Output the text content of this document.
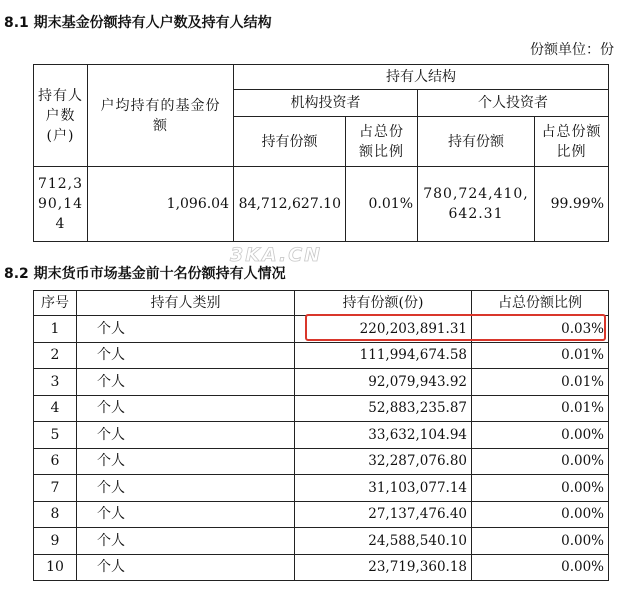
8.1 期末基金份额持有人户数及持有人结构
份额单位：份
持有人户数(户)	户均持有的基金份额	持有人结构			
		机构投资者		个人投资者	
		持有份额	占总份额比例	持有份额	占总份额比例

712,390,144	1,096.04	84,712,627.10	0.01%	780,724,410,642.31	99.99%
3KA.CN
8.2 期末货币市场基金前十名份额持有人情况
序号	持有人类别	持有份额(份)	占总份额比例
1	个人	220,203,891.31	0.03%
2	个人	111,994,674.58	0.01%
3	个人	92,079,943.92	0.01%
4	个人	52,883,235.87	0.01%
5	个人	33,632,104.94	0.00%
6	个人	32,287,076.80	0.00%
7	个人	31,103,077.14	0.00%
8	个人	27,137,476.40	0.00%
9	个人	24,588,540.10	0.00%
10	个人	23,719,360.18	0.00%
